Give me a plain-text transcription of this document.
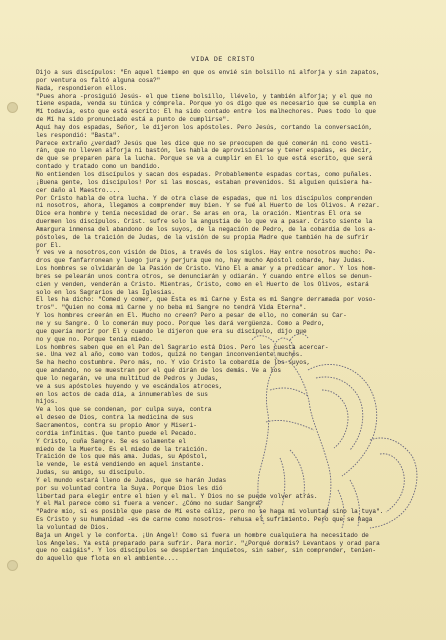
VIDA DE CRISTO
Dijo a sus discípulos: "En aquel tiempo en que os envié sin bolsillo ni alforja y sin zapatos,
por ventura os faltó alguna cosa?"
Nada, respondieron ellos.
"Pues ahora -prosiguió Jesús- el que tiene bolsillo, llévelo, y también alforja; y el que no
tiene espada, venda su túnica y cómprela. Porque yo os digo que es necesario que se cumpla en
Mí todavía, esto que está escrito: El ha sido contado entre los malhechores. Pues todo lo que
de Mí ha sido pronunciado está a punto de cumplirse".
Aquí hay dos espadas, Señor, le dijeron los apóstoles. Pero Jesús, cortando la conversación,
les respondió: "Basta".
Parece extraño ¿verdad? Jesús que les dice que no se preocupen de qué comerán ni cono vesti-
rán, que no lleven alforja ni bastón, les habla de aprovisionarse y tener espadas, es decir,
de que se preparen para la lucha. Porque se va a cumplir en El lo que está escrito, que será
contado y tratado como un bandido.
No entienden los discípulos y sacan dos espadas. Probablemente espadas cortas, como puñales.
¡Buena gente, los discípulos! Por si las moscas, estaban prevenidos. Si alguien quisiera ha-
cer daño al Maestro....
Por Cristo habla de otra lucha. Y de otra clase de espadas, que ni los discípulos comprenden
ni nosotros, ahora, llegamos a comprender muy bien. Y se fué al Huerto de los Olivos. A rezar.
Dice era hombre y tenía necesidad de orar. Se aras en ora, la oración. Mientras El ora se
duermen los discípulos. Crist. sufre solo la angustia de lo que va a pasar. Cristo siente la
Amargura inmensa del abandono de los suyos, de la negación de Pedro, de la cobardía de los a-
póstoles, de la traición de Judas, de la visión de su propia Madre que también ha de sufrir
por El.
Y ves ve a nosotros,con visión de Dios, a través de los siglos. Hay entre nosotros mucho: Pe-
dros que fanfarronean y luego jura y perjura que no, hay mucho Apóstol cobarde, hay Judas.
Los hombres se olvidarán de la Pasión de Cristo. Vino El a amar y a predicar amor. Y los hom-
bres se pelearán unos contra otros, se denunciarán y odiarán. Y cuando entre ellos se denun-
cien y venden, venderán a Cristo. Mientras, Cristo, como en el Huerto de los Olivos, estará
solo en los Sagrarios de las Iglesias.
El les ha dicho: "Comed y comer, que Esta es mi Carne y Esta es mi Sangre derramada por voso-
tros". "Quien no coma mi Carne y no beba mi Sangre no tendrá Vida Eterna".
Y los hombres creerán en El. Mucho no creen? Pero a pesar de ello, no comerán su Car-
ne y su Sangre. O lo comerán muy poco. Porque les dará vergüenza. Como a Pedro,
que quería morir por El y cuando le dijeron que era su discípulo, dijo que
no y que no. Porque tenía miedo.
Los hombres saben que en el Pan del Sagrario está Dios. Pero les cuesta acercar-
se. Una vez al año, como van todos, quizá no tengan inconveniente muchos.
Se ha hecho costumbre. Pero más, no. Y vio Cristo la cobardía de los suyos,
que andando, no se muestran por el qué dirán de los demás. Ve a los
que lo negarán, ve una multitud de Pedros y Judas,
ve a sus apóstoles huyendo y ve escándalos atroces,
en los actos de cada día, a innumerables de sus
hijos.
Ve a los que se condenan, por culpa suya, contra
el deseo de Dios, contra la medicina de sus
Sacramentos, contra su propio Amor y Miseri-
cordia infinitas. Que tanto puede el Pecado.
Y Cristo, cuña Sangre. Se es solamente el
miedo de la Muerte. Es el miedo de la traición.
Traición de los que más ama. Judas, su Apóstol,
le vende, le está vendiendo en aquel instante.
Judas, su amigo, su discípulo.
Y el mundo estará lleno de Judas, que se harán Judas
por su voluntad contra la Suya. Porque Dios les dió
libertad para elegir entre el bien y el mal. Y Dios no se puede volver atrás.
Y el Mal parece como si fuera a vencer. ¿Cómo no sudar Sangre?
"Padre mío, si es posible que pase de Mí este cáliz, pero no se haga mi voluntad sino la tuya".
Es Cristo y su humanidad -es de carne como nosotros- rehusa el sufrimiento. Pero que se haga
la voluntad de Dios.
Baja un Angel y le conforta. ¡Un Angel! Como si fuera un hombre cualquiera ha necesitado de
los Angeles. Ya está preparado para sufrir. Para morir. "¿Porqué dormís? Levantaos y orad para
que no caigáis". Y los discípulos se despiertan inquietos, sin saber, sin comprender, tenien-
do aquello que flota en el ambiente....
